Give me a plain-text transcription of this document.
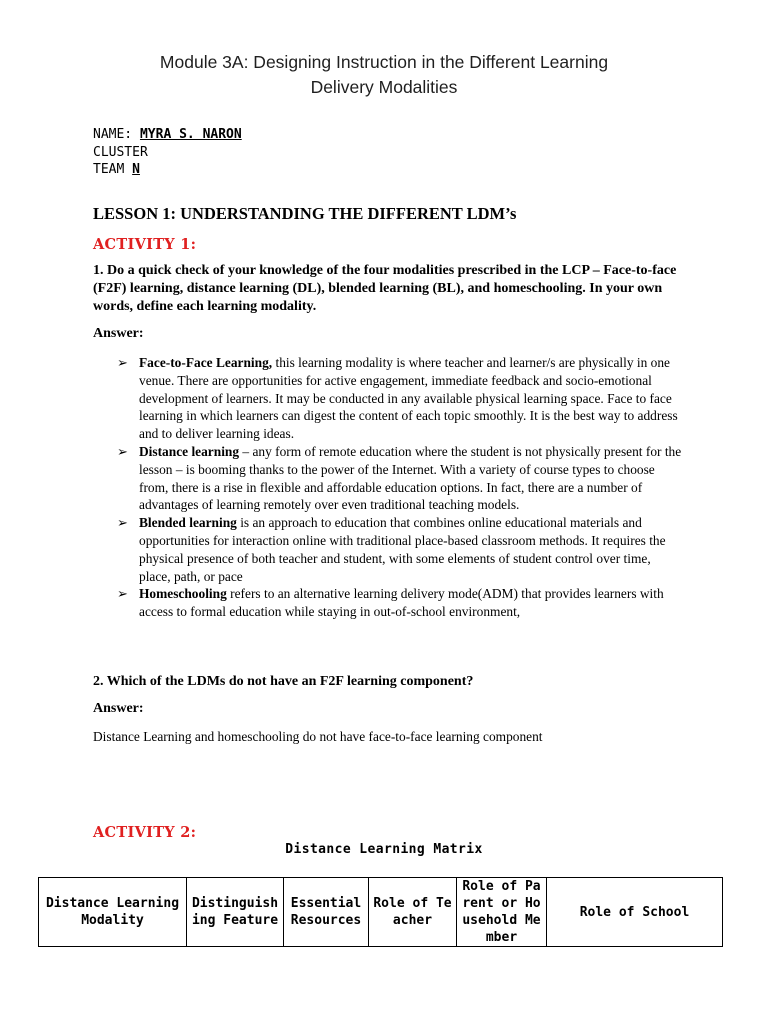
Module 3A: Designing Instruction in the Different Learning
Delivery Modalities
NAME: MYRA S. NARON
CLUSTER
TEAM N
LESSON 1: UNDERSTANDING THE DIFFERENT LDM’s
ACTIVITY 1:
1. Do a quick check of your knowledge of the four modalities prescribed in the LCP – Face-to-face (F2F) learning, distance learning (DL), blended learning (BL), and homeschooling. In your own words, define each learning modality.
Answer:
➢ Face-to-Face Learning, this learning modality is where teacher and learner/s are physically in one venue. There are opportunities for active engagement, immediate feedback and socio-emotional development of learners. It may be conducted in any available physical learning space. Face to face learning in which learners can digest the content of each topic smoothly. It is the best way to address and to deliver learning ideas.
➢ Distance learning – any form of remote education where the student is not physically present for the lesson – is booming thanks to the power of the Internet. With a variety of course types to choose from, there is a rise in flexible and affordable education options. In fact, there are a number of advantages of learning remotely over even traditional teaching models.
➢ Blended learning is an approach to education that combines online educational materials and opportunities for interaction online with traditional place-based classroom methods. It requires the physical presence of both teacher and student, with some elements of student control over time, place, path, or pace
➢ Homeschooling refers to an alternative learning delivery mode(ADM) that provides learners with access to formal education while staying in out-of-school environment,
2. Which of the LDMs do not have an F2F learning component?
Answer:
Distance Learning and homeschooling do not have face-to-face learning component
ACTIVITY 2:
Distance Learning Matrix
Distance Learning Modality	Distinguishing Feature	Essential Resources	Role of Teacher	Role of Parent or Household Member	Role of School
